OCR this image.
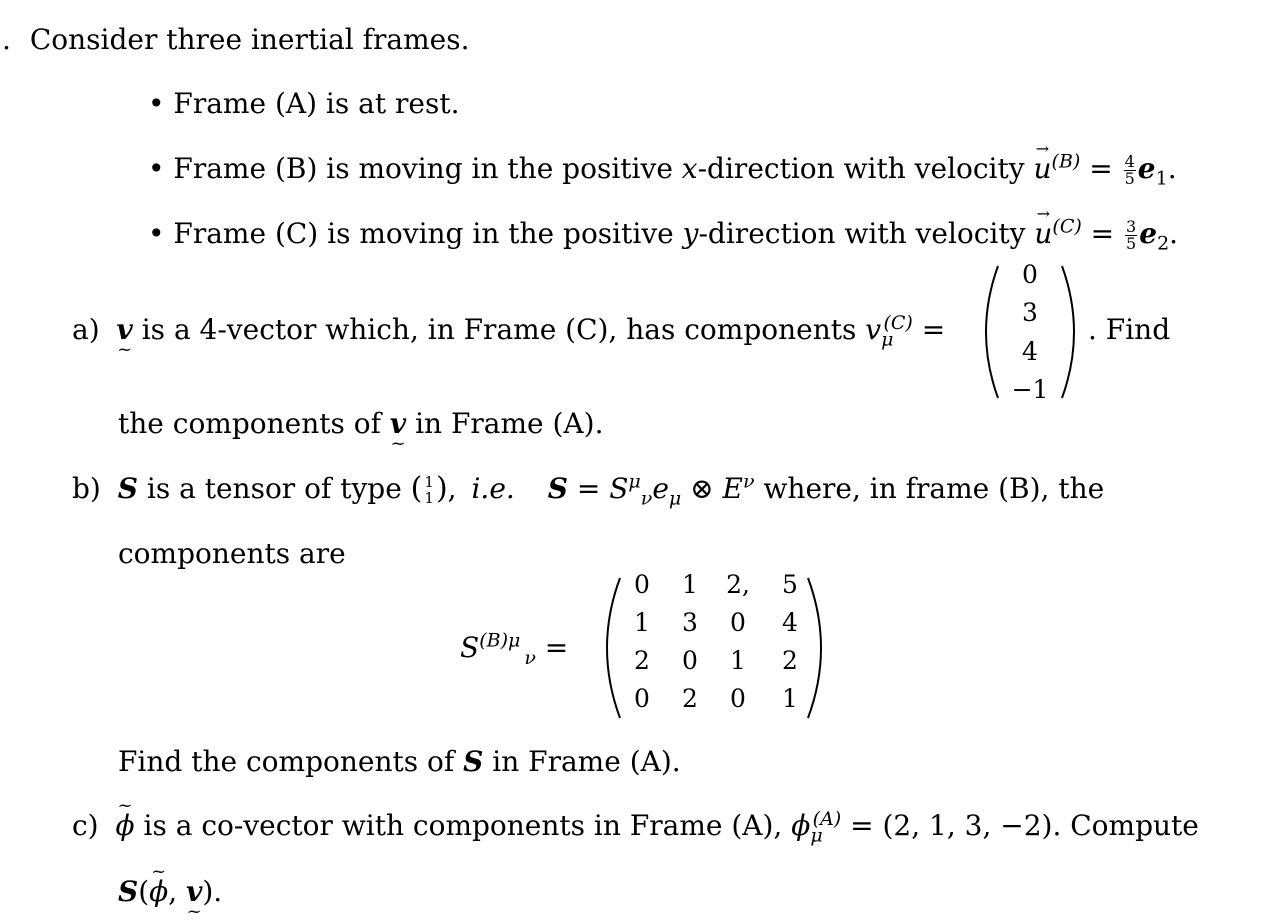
. Consider three inertial frames.
• Frame (A) is at rest.
• Frame (B) is moving in the positive x-direction with velocity → $u^{(B)} = \frac{4}{5} e_1$.
• Frame (C) is moving in the positive y-direction with velocity → $u^{(C)} = \frac{3}{5} e_2$.
a) v ~ is a 4-vector which, in Frame (C), has components $v_\mu^{(C)}$ =
0
3
4
−1
. Find
the components of v ~ in Frame (A).
b) S is a tensor of type ( 1
1 ), i.e. $S = S^\mu_\nu e_\mu$ ⊗ $E^\nu$ where, in frame (B), the
components are
$S^{(B)\mu}_\nu$ =
0 1 2, 5
1 3 0 4
2 0 1 2
0 2 0 1
Find the components of S in Frame (A).
c) ~ ϕ is a co-vector with components in Frame (A), $\phi_\mu^{(A)} = (2$, 1, 3, −2). Compute
S(~ ϕ, v ~).
